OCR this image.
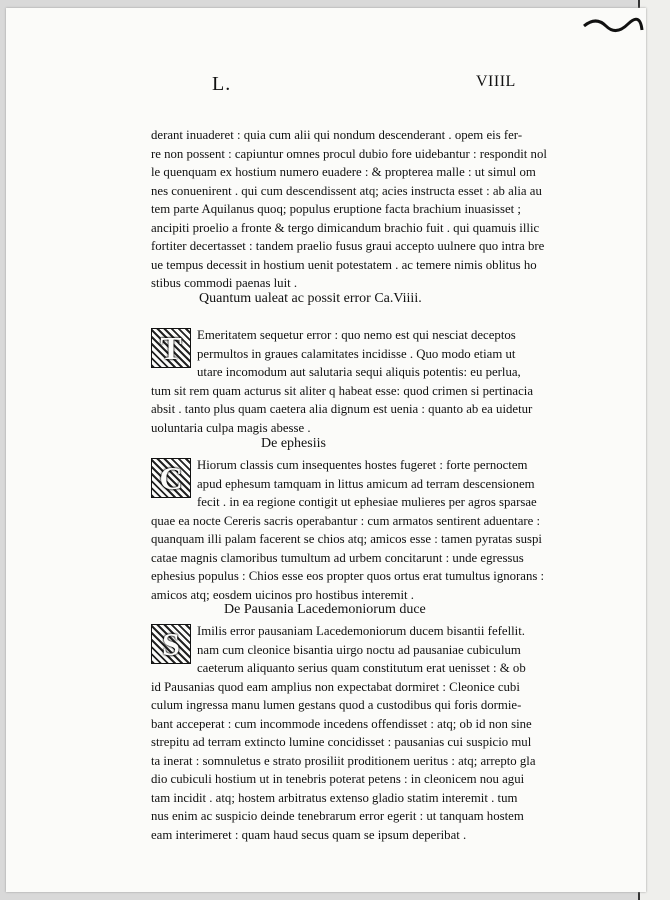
L.	VIIIL
derant inuaderet : quia cum alii qui nondum descenderant . opem eis fer-
re non possent : capiuntur omnes procul dubio fore uidebantur : respondit nol
le quenquam ex hostium numero euadere : & propterea malle : ut simul om
nes conuenirent . qui cum descendissent atq; acies instructa esset : ab alia au
tem parte Aquilanus quoq; populus eruptione facta brachium inuasisset ;
ancipiti proelio a fronte & tergo dimicandum brachio fuit . qui quamuis illic
fortiter decertasset : tandem praelio fusus graui accepto uulnere quo intra bre
ue tempus decessit in hostium uenit potestatem . ac temere nimis oblitus ho
stibus commodi paenas luit .
Quantum ualeat ac possit error Ca.Viiii.
T	Emeritatem sequetur error : quo nemo est qui nesciat deceptos
permultos in graues calamitates incidisse . Quo modo etiam ut
utare incomodum aut salutaria sequi aliquis potentis: eu perlua,
tum sit rem quam acturus sit aliter q habeat esse: quod crimen si pertinacia
absit . tanto plus quam caetera alia dignum est uenia : quanto ab ea uidetur
uoluntaria culpa magis abesse .
De ephesiis
C	Hiorum classis cum insequentes hostes fugeret : forte pernoctem
apud ephesum tamquam in littus amicum ad terram descensionem
fecit . in ea regione contigit ut ephesiae mulieres per agros sparsae
quae ea nocte Cereris sacris operabantur : cum armatos sentirent aduentare :
quanquam illi palam facerent se chios atq; amicos esse : tamen pyratas suspi
catae magnis clamoribus tumultum ad urbem concitarunt : unde egressus
ephesius populus : Chios esse eos propter quos ortus erat tumultus ignorans :
amicos atq; eosdem uicinos pro hostibus interemit .
De Pausania Lacedemoniorum duce
S	Imilis error pausaniam Lacedemoniorum ducem bisantii fefellit.
nam cum cleonice bisantia uirgo noctu ad pausaniae cubiculum
caeterum aliquanto serius quam constitutum erat uenisset : & ob
id Pausanias quod eam amplius non expectabat dormiret : Cleonice cubi
culum ingressa manu lumen gestans quod a custodibus qui foris dormie-
bant acceperat : cum incommode incedens offendisset : atq; ob id non sine
strepitu ad terram extincto lumine concidisset : pausanias cui suspicio mul
ta inerat : somnuletus e strato prosiliit proditionem ueritus : atq; arrepto gla
dio cubiculi hostium ut in tenebris poterat petens : in cleonicem nou agui
tam incidit . atq; hostem arbitratus extenso gladio statim interemit . tum
nus enim ac suspicio deinde tenebrarum error egerit : ut tanquam hostem
eam interimeret : quam haud secus quam se ipsum deperibat .
